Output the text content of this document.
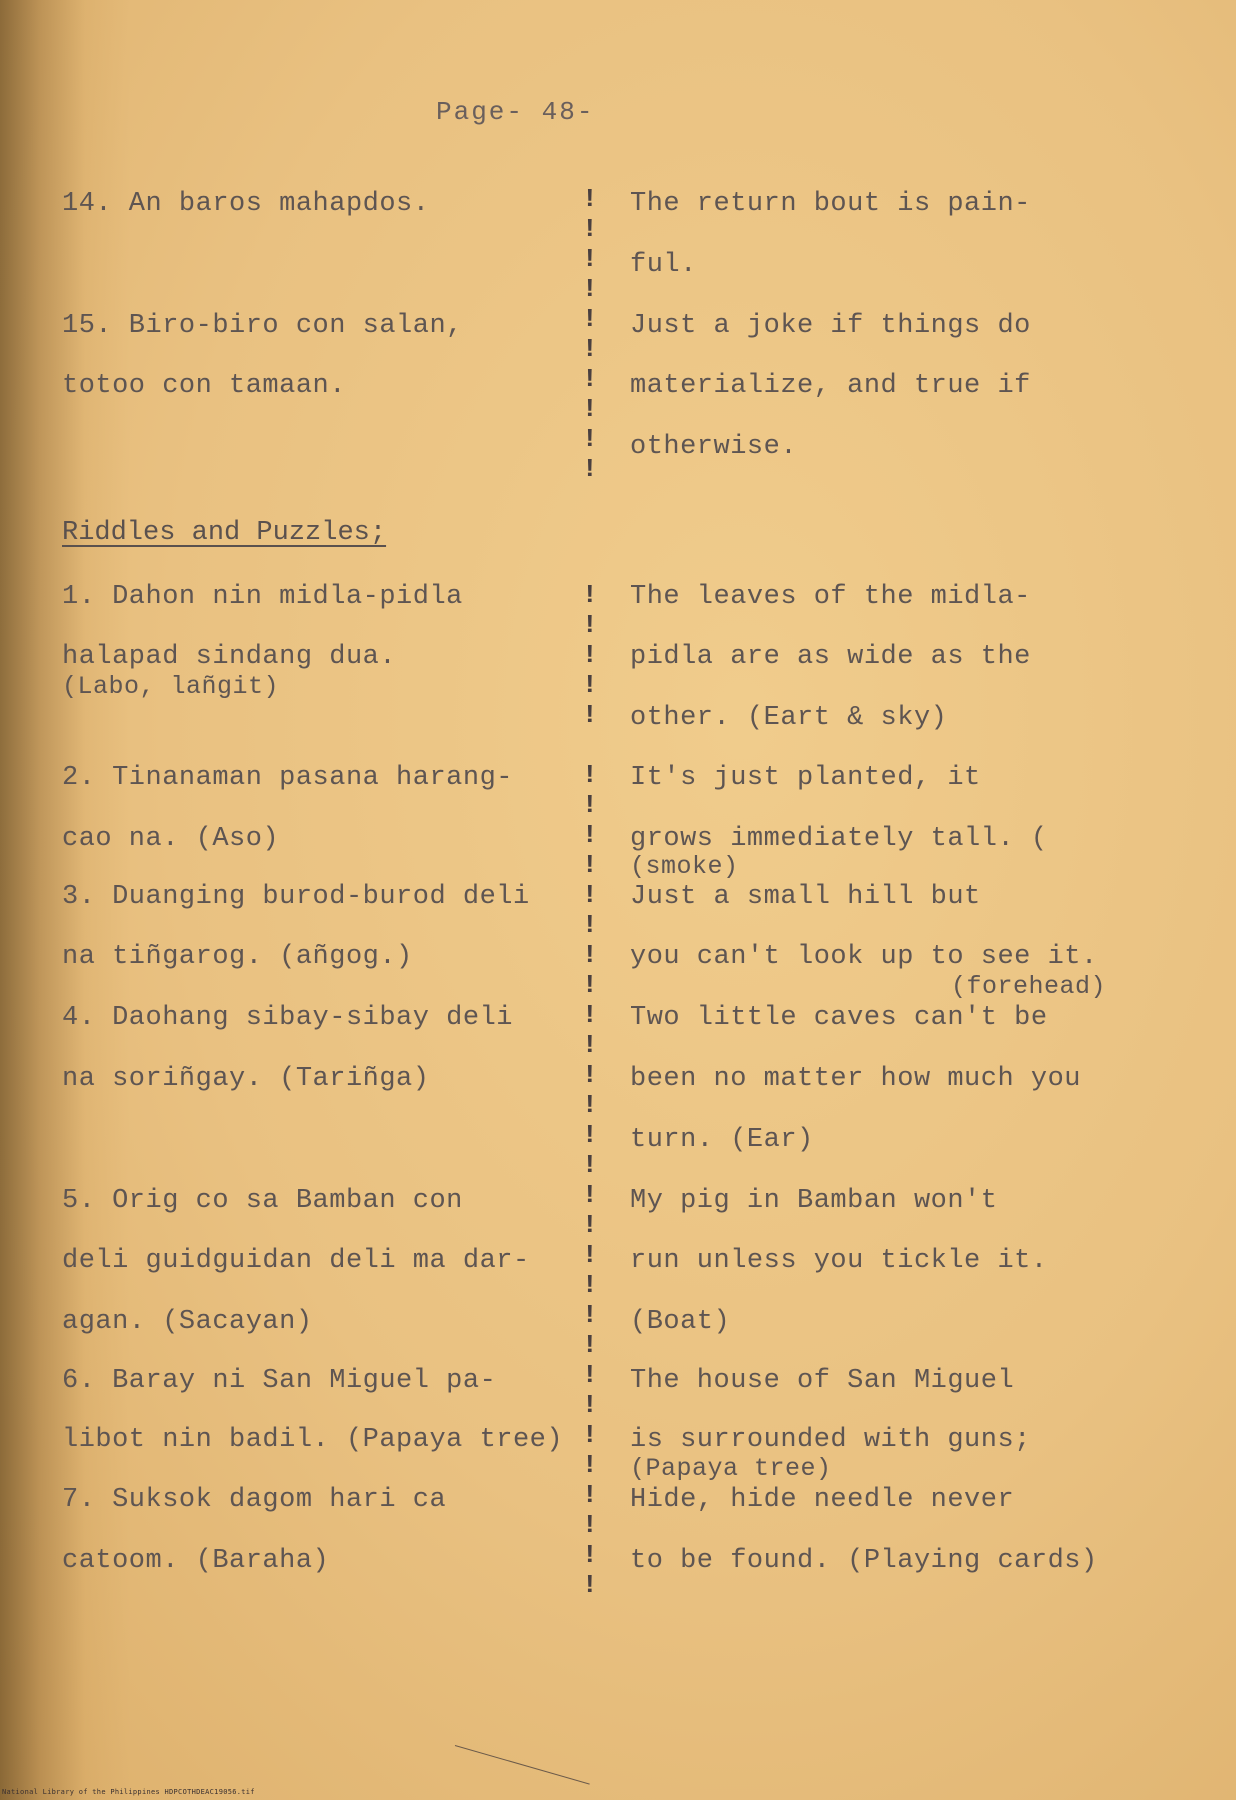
Page- 48-
14. An baros mahapdos.
15. Biro-biro con salan,
totoo con tamaan.
The return bout is pain-
ful.
Just a joke if things do
materialize, and true if
otherwise.
Riddles and Puzzles;
1. Dahon nin midla-pidla
halapad sindang dua.
(Labo, lañgit)
2. Tinanaman pasana harang-
cao na. (Aso)
3. Duanging burod-burod deli
na tiñgarog. (añgog.)
4. Daohang sibay-sibay deli
na soriñgay. (Tariñga)
5. Orig co sa Bamban con
deli guidguidan deli ma dar-
agan. (Sacayan)
6. Baray ni San Miguel pa-
libot nin badil. (Papaya tree)
7. Suksok dagom hari ca
catoom. (Baraha)
The leaves of the midla-
pidla are as wide as the
other. (Eart & sky)
It's just planted, it
grows immediately tall. (
(smoke)
Just a small hill but
you can't look up to see it.
(forehead)
Two little caves can't be
been no matter how much you
turn. (Ear)
My pig in Bamban won't
run unless you tickle it.
(Boat)
The house of San Miguel
is surrounded with guns;
(Papaya tree)
Hide, hide needle never
to be found. (Playing cards)
!
!
!
!
!
!
!
!
!
!
!
!
!
!
!
!
!
!
!
!
!
!
!
!
!
!
!
!
!
!
!
!
!
!
!
!
!
!
!
!
!
!
!
National Library of the Philippines HDPCOTHDEAC19056.tif
